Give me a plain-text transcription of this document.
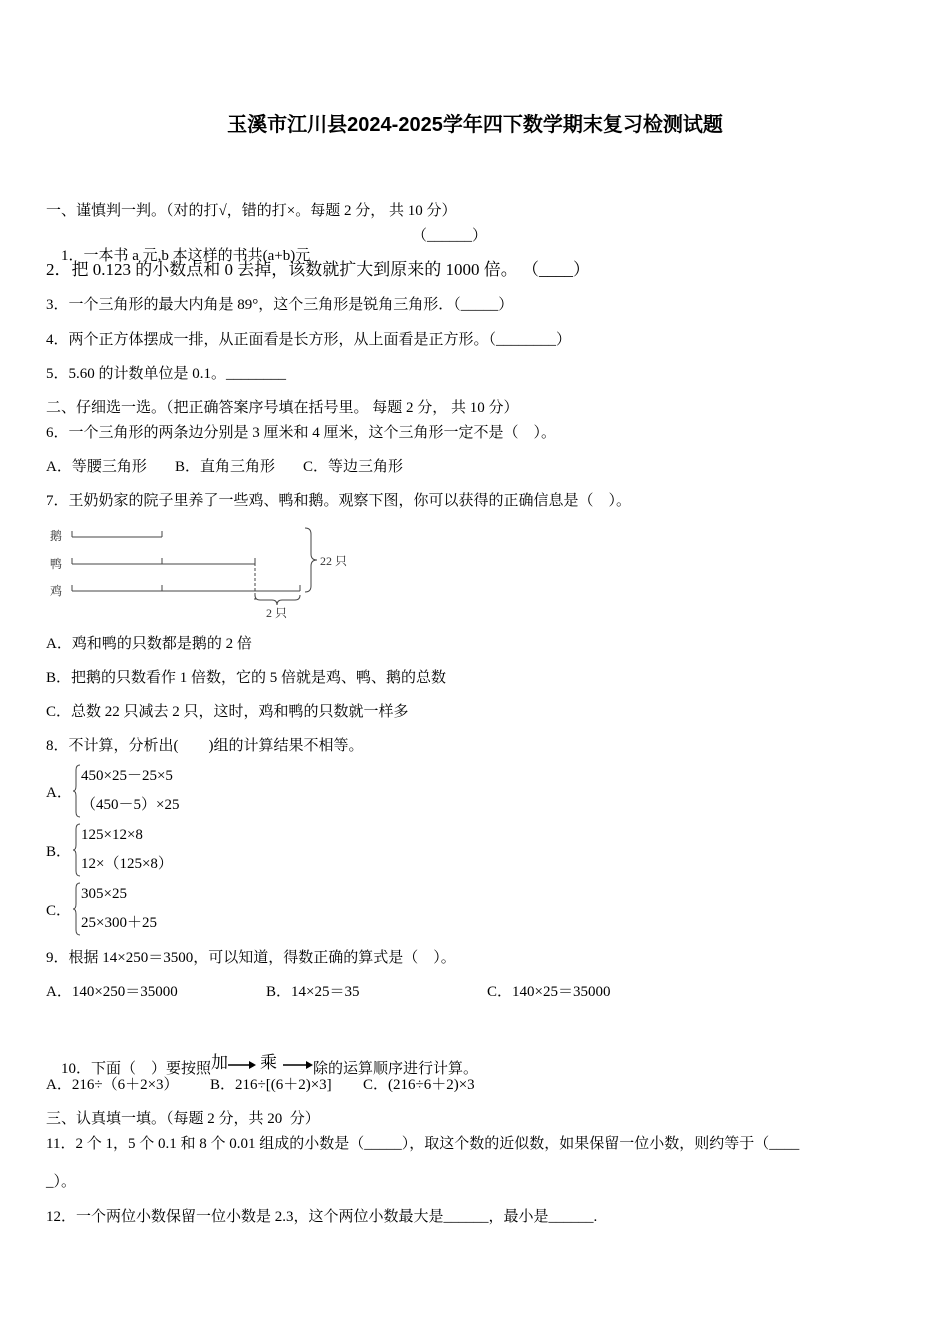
玉溪市江川县2024-2025学年四下数学期末复习检测试题
一、谨慎判一判。（对的打√，错的打×。每题 2 分， 共 10 分）

1．一本书 a 元,b 本这样的书共(a+b)元

（______）

2．把 0.123 的小数点和 0 去掉，该数就扩大到原来的 1000 倍。 （____）
3．一个三角形的最大内角是 89°，这个三角形是锐角三角形．（_____）
4．两个正方体摆成一排，从正面看是长方形，从上面看是正方形。（________）
5．5.60 的计数单位是 0.1。________
二、仔细选一选。（把正确答案序号填在括号里。 每题 2 分， 共 10 分）
6．一个三角形的两条边分别是 3 厘米和 4 厘米，这个三角形一定不是（    ）。

A．等腰三角形

B．直角三角形

C．等边三角形

7．王奶奶家的院子里养了一些鸡、鸭和鹅。观察下图，你可以获得的正确信息是（    ）。
鹅
鸭
鸡
22 只
2 只
A．鸡和鸭的只数都是鹅的 2 倍
B．把鹅的只数看作 1 倍数，它的 5 倍就是鸡、鸭、鹅的总数
C．总数 22 只减去 2 只，这时，鸡和鸭的只数就一样多
8．不计算，分析出(        )组的计算结果不相等。
A．
450×25－25×5
（450－5）×25
B．
125×12×8
12×（125×8）
C．
305×25
25×300＋25
9．根据 14×250＝3500，可以知道，得数正确的算式是（    ）。

A．140×250＝35000

	B．14×25＝35

	C．140×25＝35000

10．下面（    ）要按照加 乘 除的运算顺序进行计算。

A．216÷（6＋2×3）

B．216÷[(6＋2)×3]

C．(216÷6＋2)×3

三、认真填一填。（每题 2 分，共 20  分）
11．2 个 1，5 个 0.1 和 8 个 0.01 组成的小数是（_____），取这个数的近似数，如果保留一位小数，则约等于（____
_）。
12．一个两位小数保留一位小数是 2.3，这个两位小数最大是______，最小是______.
